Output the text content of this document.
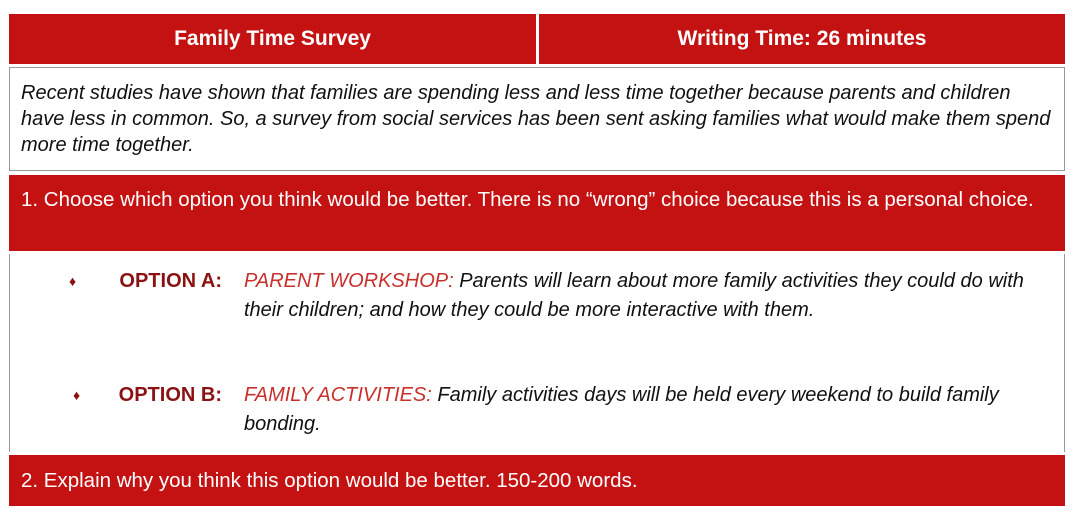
Family Time Survey	Writing Time: 26 minutes
Recent studies have shown that families are spending less and less time together because parents and children have less in common. So, a survey from social services has been sent asking families what would make them spend more time together.
1. Choose which option you think would be better. There is no “wrong” choice because this is a personal choice.
♦	OPTION A: PARENT WORKSHOP: Parents will learn about more family activities they could do with their children; and how they could be more interactive with them.
♦	OPTION B: FAMILY ACTIVITIES: Family activities days will be held every weekend to build family bonding.
2. Explain why you think this option would be better. 150-200 words.
